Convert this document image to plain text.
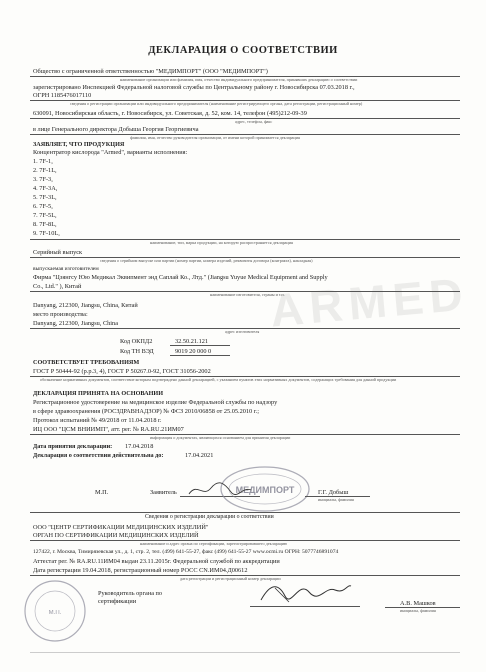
ARMED
ДЕКЛАРАЦИЯ О СООТВЕТСТВИИ
Общество с ограниченной ответственностью "МЕДИМПОРТ" (ООО "МЕДИМПОРТ")
наименование организации или фамилия, имя, отчество индивидуального предпринимателя, принявших декларацию о соответствии
зарегистрировано Инспекцией Федеральной налоговой службы по Центральному району г. Новосибирска 07.03.2018 г.,
ОГРН 1185476017110
сведения о регистрации организации или индивидуального предпринимателя (наименование регистрирующего органа, дата регистрации, регистрационный номер)
630091, Новосибирская область, г. Новосибирск, ул. Советская, д. 52, ком. 14, телефон (495)212-09-39
адрес, телефон, факс
в лице Генерального директора Добыша Георгия Георгиевича
фамилия, имя, отчество руководителя организации, от имени которой принимается декларация
ЗАЯВЛЯЕТ, ЧТО ПРОДУКЦИЯ
Концентратор кислорода "Armed", варианты исполнения:
1. 7F-1,
2. 7F-1L,
3. 7F-3,
4. 7F-3A,
5. 7F-3L,
6. 7F-5,
7. 7F-5L,
8. 7F-8L,
9. 7F-10L,
наименование, тип, марка продукции, на которую распространяется декларация
Серийный выпуск
сведения о серийном выпуске или партии (номер партии, номера изделий, реквизиты договора (контракта), накладная)
выпускаемая изготовителем
Фирма "Цзянгсу Юю Медикал Эквипмент энд Саплай Ко., Лтд." (Jiangsu Yuyue Medical Equipment and Supply
Co., Ltd." ), Китай
наименование изготовителя, страны и т.п.
Danyang, 212300, Jiangsu, China, Китай
место производства:
Danyang, 212300, Jiangsu, China
адрес изготовителя
Код ОКПД2	32.50.21.121
Код ТН ВЭД	9019 20 000 0
СООТВЕТСТВУЕТ ТРЕБОВАНИЯМ
ГОСТ Р 50444-92 (р.р.3, 4), ГОСТ Р 50267.0-92, ГОСТ 31056-2002
обозначение нормативных документов, соответствие которым подтверждено данной декларацией, с указанием пунктов этих нормативных документов, содержащих требования для данной продукции
ДЕКЛАРАЦИЯ ПРИНЯТА НА ОСНОВАНИИ
Регистрационное удостоверение на медицинское изделие Федеральной службы по надзору
в сфере здравоохранения (РОСЗДРАВНАДЗОР) № ФСЗ 2010/06858 от 25.05.2010 г.;
Протокол испытаний № 49/2018 от 11.04.2018 г.
ИЦ ООО "ЦСМ ВНИИМП", атт. рег. № RA.RU.21ИМ07
информация о документах, являющихся основанием для принятия декларации
Дата принятия декларации: 17.04.2018
Декларация о соответствии действительна до:	17.04.2021
М.П.	Заявитель	МЕДИМПОРТ	Г.Г. Добыш
инициалы, фамилия
Сведения о регистрации декларации о соответствии
ООО "ЦЕНТР СЕРТИФИКАЦИИ МЕДИЦИНСКИХ ИЗДЕЛИЙ"
ОРГАН ПО СЕРТИФИКАЦИИ МЕДИЦИНСКИХ ИЗДЕЛИЙ
наименование и адрес органа по сертификации, зарегистрировавшего декларацию
127422, г. Москва, Тимирязевская ул., д. 1, стр. 2, тел. (499) 641-55-27, факс (499) 641-55-27 www.ocmi.ru ОГРН: 5077746891074
Аттестат рег. № RA.RU.11ИМ04 выдан 23.11.2015г. Федеральной службой по аккредитации
Дата регистрации 19.04.2018, регистрационный номер РОСС CN.ИМ04.Д00612
дата регистрации и регистрационный номер декларации
М.П.
Руководитель органа по
сертификации	А.В. Машков
инициалы, фамилия
